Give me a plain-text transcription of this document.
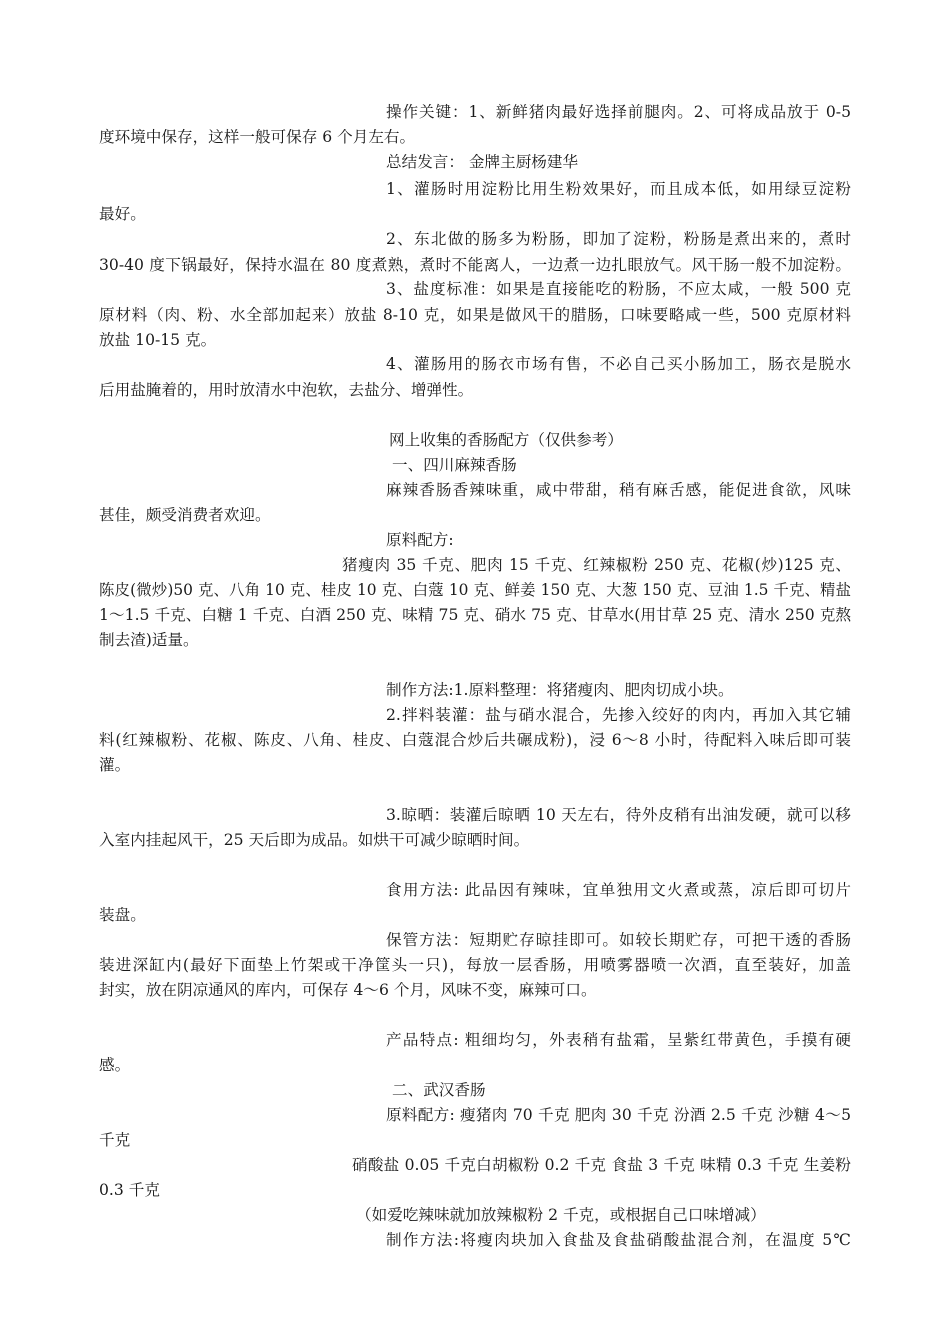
操作关键：1、新鲜猪肉最好选择前腿肉。2、可将成品放于 0-5
度环境中保存，这样一般可保存 6 个月左右。
总结发言： 金牌主厨杨建华
1、灌肠时用淀粉比用生粉效果好，而且成本低，如用绿豆淀粉
最好。
2、东北做的肠多为粉肠，即加了淀粉，粉肠是煮出来的，煮时
30-40 度下锅最好，保持水温在 80 度煮熟，煮时不能离人，一边煮一边扎眼放气。风干肠一般不加淀粉。
3、盐度标准：如果是直接能吃的粉肠，不应太咸，一般 500 克
原材料（肉、粉、水全部加起来）放盐 8-10 克，如果是做风干的腊肠，口味要略咸一些，500 克原材料
放盐 10-15 克。
4、灌肠用的肠衣市场有售，不必自己买小肠加工，肠衣是脱水
后用盐腌着的，用时放清水中泡软，去盐分、增弹性。
网上收集的香肠配方（仅供参考）
一、四川麻辣香肠
麻辣香肠香辣味重，咸中带甜，稍有麻舌感，能促进食欲，风味
甚佳，颇受消费者欢迎。
原料配方:
猪瘦肉 35 千克、肥肉 15 千克、红辣椒粉 250 克、花椒(炒)125 克、
陈皮(微炒)50 克、八角 10 克、桂皮 10 克、白蔻 10 克、鲜姜 150 克、大葱 150 克、豆油 1.5 千克、精盐
1～1.5 千克、白糖 1 千克、白酒 250 克、味精 75 克、硝水 75 克、甘草水(用甘草 25 克、清水 250 克熬
制去渣)适量。
制作方法:1.原料整理：将猪瘦肉、肥肉切成小块。
2.拌料装灌：盐与硝水混合，先掺入绞好的肉内，再加入其它辅
料(红辣椒粉、花椒、陈皮、八角、桂皮、白蔻混合炒后共碾成粉)，浸 6～8 小时，待配料入味后即可装
灌。
3.晾晒：装灌后晾晒 10 天左右，待外皮稍有出油发硬，就可以移
入室内挂起风干，25 天后即为成品。如烘干可减少晾晒时间。
食用方法: 此品因有辣味，宜单独用文火煮或蒸，凉后即可切片
装盘。
保管方法：短期贮存晾挂即可。如较长期贮存，可把干透的香肠
装进深缸内(最好下面垫上竹架或干净筐头一只)，每放一层香肠，用喷雾器喷一次酒，直至装好，加盖
封实，放在阴凉通风的库内，可保存 4～6 个月，风味不变，麻辣可口。
产品特点: 粗细均匀，外表稍有盐霜，呈紫红带黄色，手摸有硬
感。
二、武汉香肠
原料配方: 瘦猪肉 70 千克 肥肉 30 千克 汾酒 2.5 千克 沙糖 4～5
千克
硝酸盐 0.05 千克白胡椒粉 0.2 千克 食盐 3 千克 味精 0.3 千克 生姜粉
0.3 千克
（如爱吃辣味就加放辣椒粉 2 千克，或根据自己口味增减）
制作方法:将瘦肉块加入食盐及食盐硝酸盐混合剂，在温度 5℃
